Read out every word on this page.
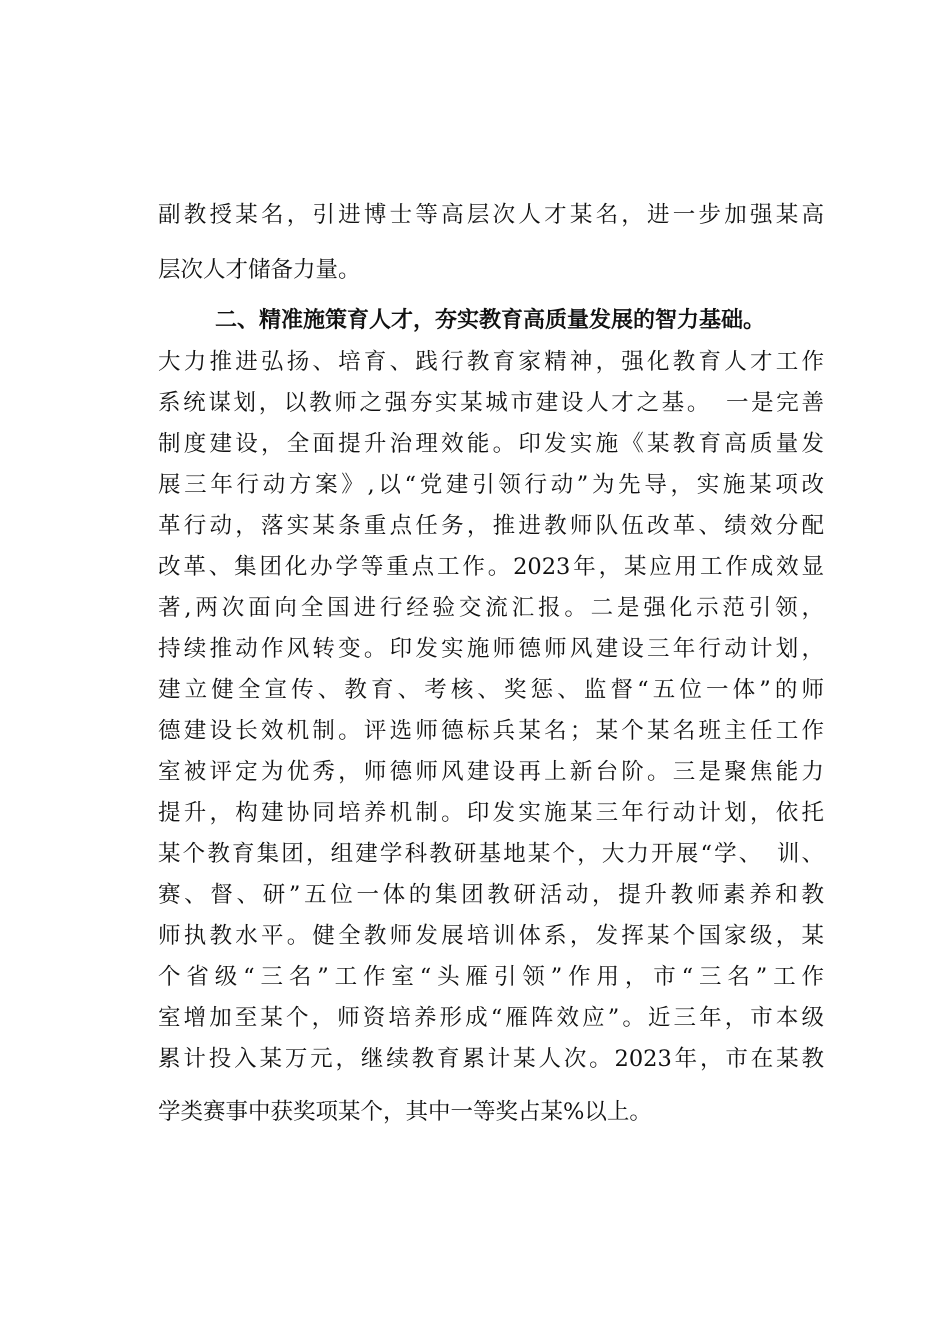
副教授某名，引进博士等高层次人才某名，进一步加强某高
层次人才储备力量。
二、精准施策育人才，夯实教育高质量发展的智力基础。
大力推进弘扬、培育、践行教育家精神，强化教育人才工作
系统谋划，以教师之强夯实某城市建设人才之基。　一是完善
制度建设，全面提升治理效能。印发实施《某教育高质量发
展三年行动方案》,以“党建引领行动”为先导，实施某项改
革行动，落实某条重点任务，推进教师队伍改革、绩效分配
改革、集团化办学等重点工作。2023年，某应用工作成效显
著,两次面向全国进行经验交流汇报。二是强化示范引领，
持续推动作风转变。印发实施师德师风建设三年行动计划，
建立健全宣传、教育、考核、奖惩、监督“五位一体”的师
德建设长效机制。评选师德标兵某名；某个某名班主任工作
室被评定为优秀，师德师风建设再上新台阶。三是聚焦能力
提升，构建协同培养机制。印发实施某三年行动计划，依托
某个教育集团，组建学科教研基地某个，大力开展“学、　训、
赛、督、研”五位一体的集团教研活动，提升教师素养和教
师执教水平。健全教师发展培训体系，发挥某个国家级，某
个省级“三名”工作室“头雁引领”作用，市“三名”工作
室增加至某个，师资培养形成“雁阵效应”。近三年，市本级
累计投入某万元，继续教育累计某人次。2023年，市在某教
学类赛事中获奖项某个，其中一等奖占某%以上。
